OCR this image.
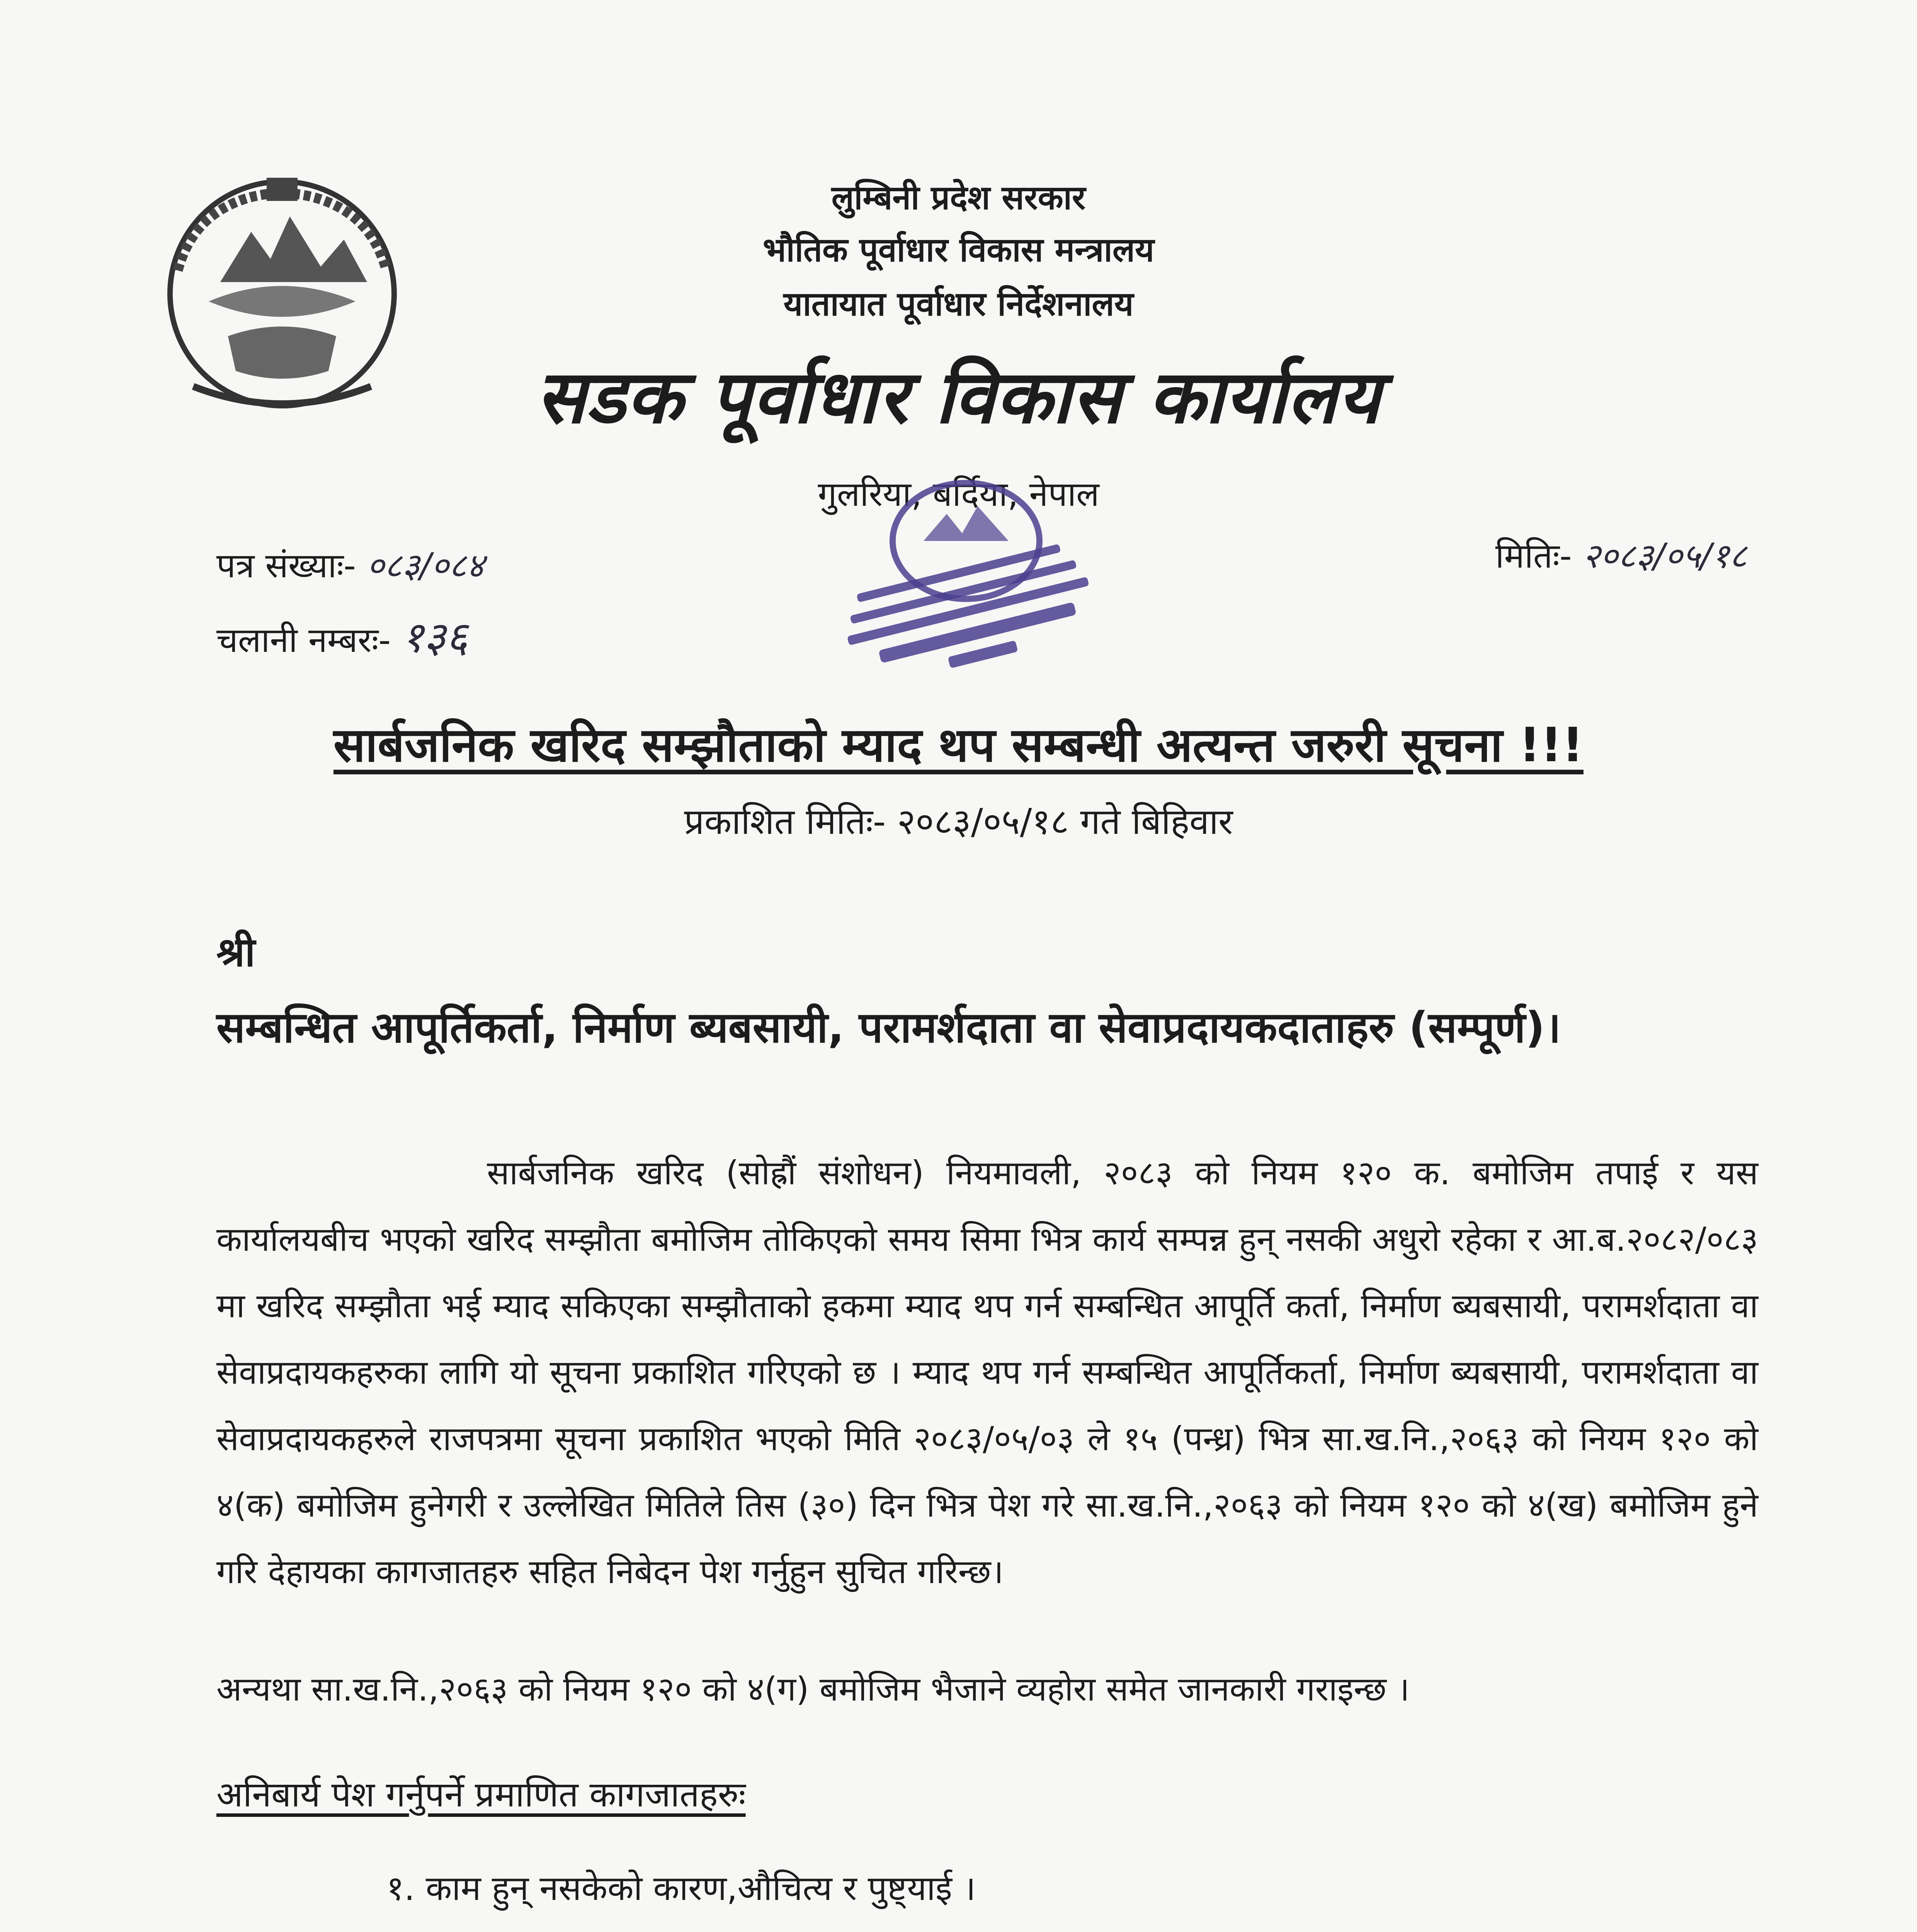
लुम्बिनी प्रदेश सरकार
भौतिक पूर्वाधार विकास मन्त्रालय
यातायात पूर्वाधार निर्देशनालय
सडक पूर्वाधार विकास कार्यालय
गुलरिया, बर्दिया, नेपाल
पत्र संख्याः- ०८३/०८४
चलानी नम्बरः- १३६
मितिः- २०८३/०५/१८
सार्बजनिक खरिद सम्झौताको म्याद थप सम्बन्धी अत्यन्त जरुरी सूचना !!!
प्रकाशित मितिः- २०८३/०५/१८ गते बिहिवार
श्री
सम्बन्धित आपूर्तिकर्ता, निर्माण ब्यबसायी, परामर्शदाता वा सेवाप्रदायकदाताहरु (सम्पूर्ण)।
सार्बजनिक खरिद (सोह्रौं संशोधन) नियमावली, २०८३ को नियम १२० क. बमोजिम तपाई र यस कार्यालयबीच भएको खरिद सम्झौता बमोजिम तोकिएको समय सिमा भित्र कार्य सम्पन्न हुन् नसकी अधुरो रहेका र आ.ब.२०८२/०८३ मा खरिद सम्झौता भई म्याद सकिएका सम्झौताको हकमा म्याद थप गर्न सम्बन्धित आपूर्ति कर्ता, निर्माण ब्यबसायी, परामर्शदाता वा सेवाप्रदायकहरुका लागि यो सूचना प्रकाशित गरिएको छ । म्याद थप गर्न सम्बन्धित आपूर्तिकर्ता, निर्माण ब्यबसायी, परामर्शदाता वा सेवाप्रदायकहरुले राजपत्रमा सूचना प्रकाशित भएको मिति २०८३/०५/०३ ले १५ (पन्ध्र) भित्र सा.ख.नि.,२०६३ को नियम १२० को ४(क) बमोजिम हुनेगरी र उल्लेखित मितिले तिस (३०) दिन भित्र पेश गरे सा.ख.नि.,२०६३ को नियम १२० को ४(ख) बमोजिम हुने गरि देहायका कागजातहरु सहित निबेदन पेश गर्नुहुन सुचित गरिन्छ।
अन्यथा सा.ख.नि.,२०६३ को नियम १२० को ४(ग) बमोजिम भैजाने व्यहोरा समेत जानकारी गराइन्छ ।
अनिबार्य पेश गर्नुपर्ने प्रमाणित कागजातहरुः
१. काम हुन् नसकेको कारण,औचित्य र पुष्ट्याई ।
